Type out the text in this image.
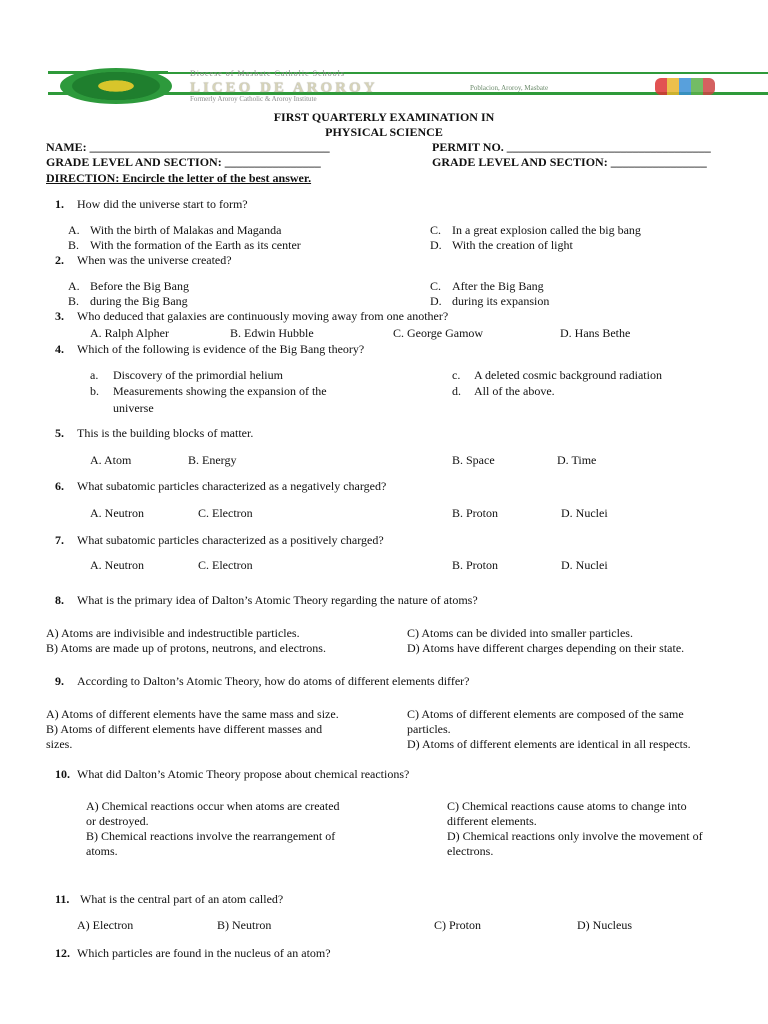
Diocese of Masbate Catholic Schools
LICEO DE AROROY
Formerly Aroroy Catholic & Aroroy Institute
Poblacion, Aroroy, Masbate
FIRST QUARTERLY EXAMINATION IN
PHYSICAL SCIENCE
NAME: ________________________________________	PERMIT NO. __________________________________
GRADE LEVEL AND SECTION: ________________	GRADE LEVEL AND SECTION: ________________
DIRECTION: Encircle the letter of the best answer.
1. How did the universe start to form?
A. With the birth of Malakas and Maganda
B. With the formation of the Earth as its center
C. In a great explosion called the big bang
D. With the creation of light
2. When was the universe created?
A. Before the Big Bang
B. during the Big Bang
C. After the Big Bang
D. during its expansion
3. Who deduced that galaxies are continuously moving away from one another?
A. Ralph Alpher	B. Edwin Hubble	C. George Gamow	D. Hans Bethe
4. Which of the following is evidence of the Big Bang theory?
a. Discovery of the primordial helium
b. Measurements showing the expansion of the
universe
c. A deleted cosmic background radiation
d. All of the above.
5. This is the building blocks of matter.
A. Atom	B. Energy	B. Space	D. Time
6. What subatomic particles characterized as a negatively charged?
A. Neutron	C. Electron	B. Proton	D. Nuclei
7. What subatomic particles characterized as a positively charged?
A. Neutron	C. Electron	B. Proton	D. Nuclei
8. What is the primary idea of Dalton’s Atomic Theory regarding the nature of atoms?
A) Atoms are indivisible and indestructible particles.
B) Atoms are made up of protons, neutrons, and electrons.
C) Atoms can be divided into smaller particles.
D) Atoms have different charges depending on their state.
9. According to Dalton’s Atomic Theory, how do atoms of different elements differ?
A) Atoms of different elements have the same mass and size.
B) Atoms of different elements have different masses and
sizes.
C) Atoms of different elements are composed of the same
particles.
D) Atoms of different elements are identical in all respects.
10. What did Dalton’s Atomic Theory propose about chemical reactions?
A) Chemical reactions occur when atoms are created
or destroyed.
B) Chemical reactions involve the rearrangement of
atoms.
C) Chemical reactions cause atoms to change into
different elements.
D) Chemical reactions only involve the movement of
electrons.
11. What is the central part of an atom called?
A) Electron	B) Neutron	C) Proton	D) Nucleus
12. Which particles are found in the nucleus of an atom?
